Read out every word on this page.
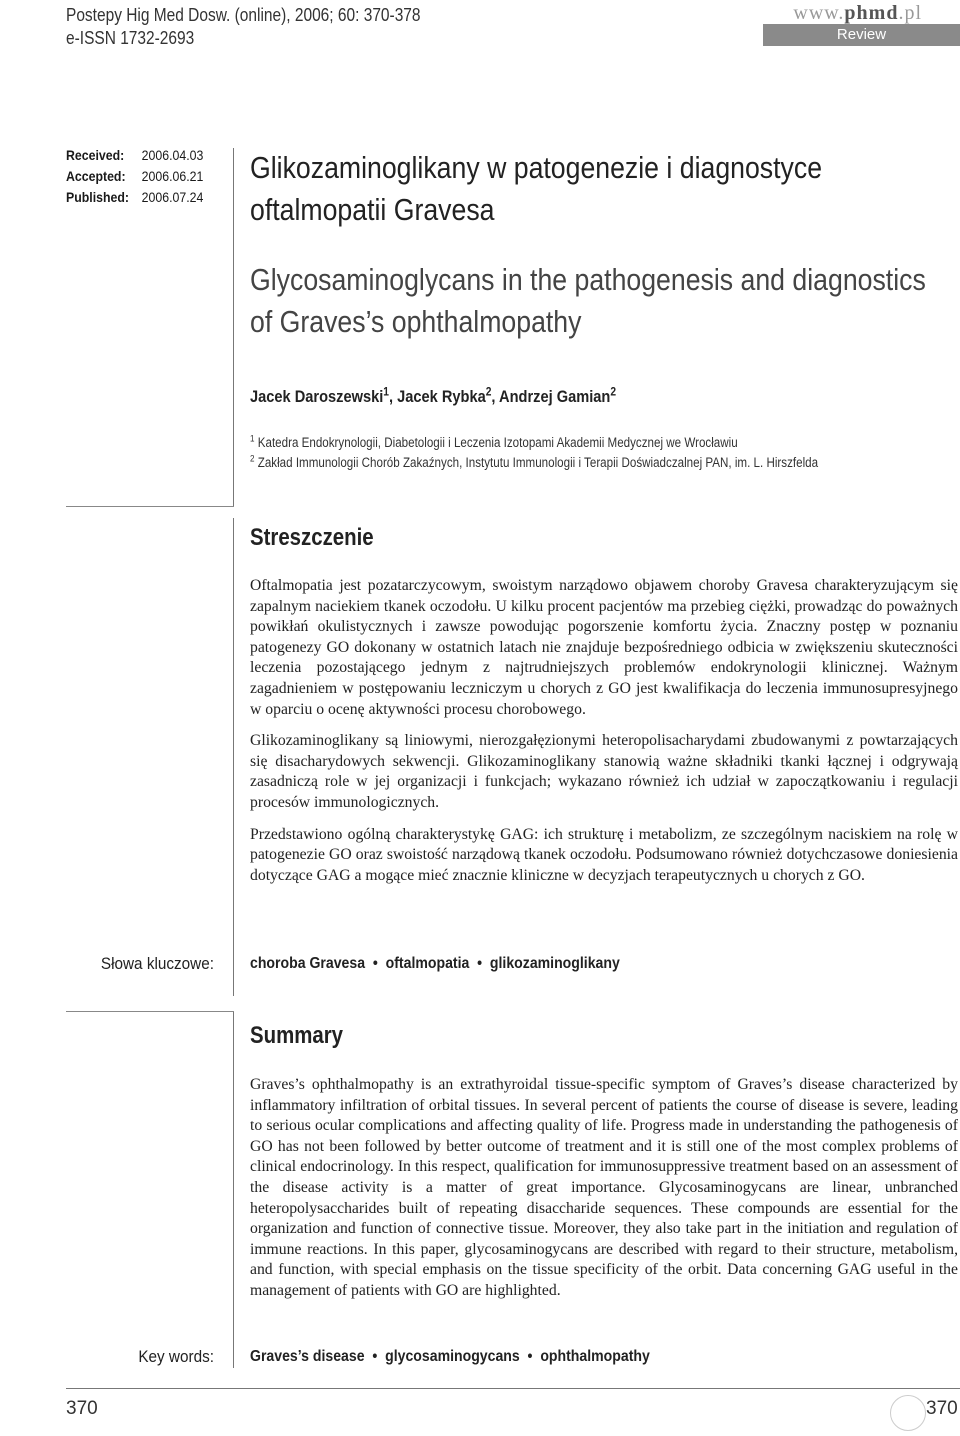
Postepy Hig Med Dosw. (online), 2006; 60: 370-378
e-ISSN 1732-2693
www.phmd.pl
Review
Received: 2006.04.03
Accepted: 2006.06.21
Published: 2006.07.24
Glikozaminoglikany w patogenezie i diagnostyce
oftalmopatii Gravesa
Glycosaminoglycans in the pathogenesis and diagnostics
of Graves’s ophthalmopathy
Jacek Daroszewski$^1$, Jacek Rybka$^2$, Andrzej Gamian$^2$
$^1$ Katedra Endokrynologii, Diabetologii i Leczenia Izotopami Akademii Medycznej we Wrocławiu
$^2$ Zakład Immunologii Chorób Zakaźnych, Instytutu Immunologii i Terapii Doświadczalnej PAN, im. L. Hirszfelda
Streszczenie

Oftalmopatia jest pozatarczycowym, swoistym narządowo objawem choroby Gravesa charakteryzującym się zapalnym naciekiem tkanek oczodołu. U kilku procent pacjentów ma przebieg ciężki, prowadząc do poważnych powikłań okulistycznych i zawsze powodując pogorszenie komfortu życia. Znaczny postęp w poznaniu patogenezy GO dokonany w ostatnich latach nie znajduje bezpośredniego odbicia w zwiększeniu skuteczności leczenia pozostającego jednym z najtrudniejszych problemów endokrynologii klinicznej. Ważnym zagadnieniem w postępowaniu leczniczym u chorych z GO jest kwalifikacja do leczenia immunosupresyjnego w oparciu o ocenę aktywności procesu chorobowego.

Glikozaminoglikany są liniowymi, nierozgałęzionymi heteropolisacharydami zbudowanymi z powtarzających się disacharydowych sekwencji. Glikozaminoglikany stanowią ważne składniki tkanki łącznej i odgrywają zasadniczą role w jej organizacji i funkcjach; wykazano również ich udział w zapoczątkowaniu i regulacji procesów immunologicznych.

Przedstawiono ogólną charakterystykę GAG: ich strukturę i metabolizm, ze szczególnym naciskiem na rolę w patogenezie GO oraz swoistość narządową tkanek oczodołu. Podsumowano również dotychczasowe doniesienia dotyczące GAG a mogące mieć znacznie kliniczne w decyzjach terapeutycznych u chorych z GO.

Słowa kluczowe: choroba Gravesa  •  oftalmopatia  •  glikozaminoglikany
Summary

Graves’s ophthalmopathy is an extrathyroidal tissue-specific symptom of Graves’s disease characterized by inflammatory infiltration of orbital tissues. In several percent of patients the course of disease is severe, leading to serious ocular complications and affecting quality of life. Progress made in understanding the pathogenesis of GO has not been followed by better outcome of treatment and it is still one of the most complex problems of clinical endocrinology. In this respect, qualification for immunosuppressive treatment based on an assessment of the disease activity is a matter of great importance. Glycosaminogycans are linear, unbranched heteropolysaccharides built of repeating disaccharide sequences. These compounds are essential for the organization and function of connective tissue. Moreover, they also take part in the initiation and regulation of immune reactions. In this paper, glycosaminogycans are described with regard to their structure, metabolism, and function, with special emphasis on the tissue specificity of the orbit. Data concerning GAG useful in the management of patients with GO are highlighted.

Key words: Graves’s disease  •  glycosaminogycans  •  ophthalmopathy
370	370
